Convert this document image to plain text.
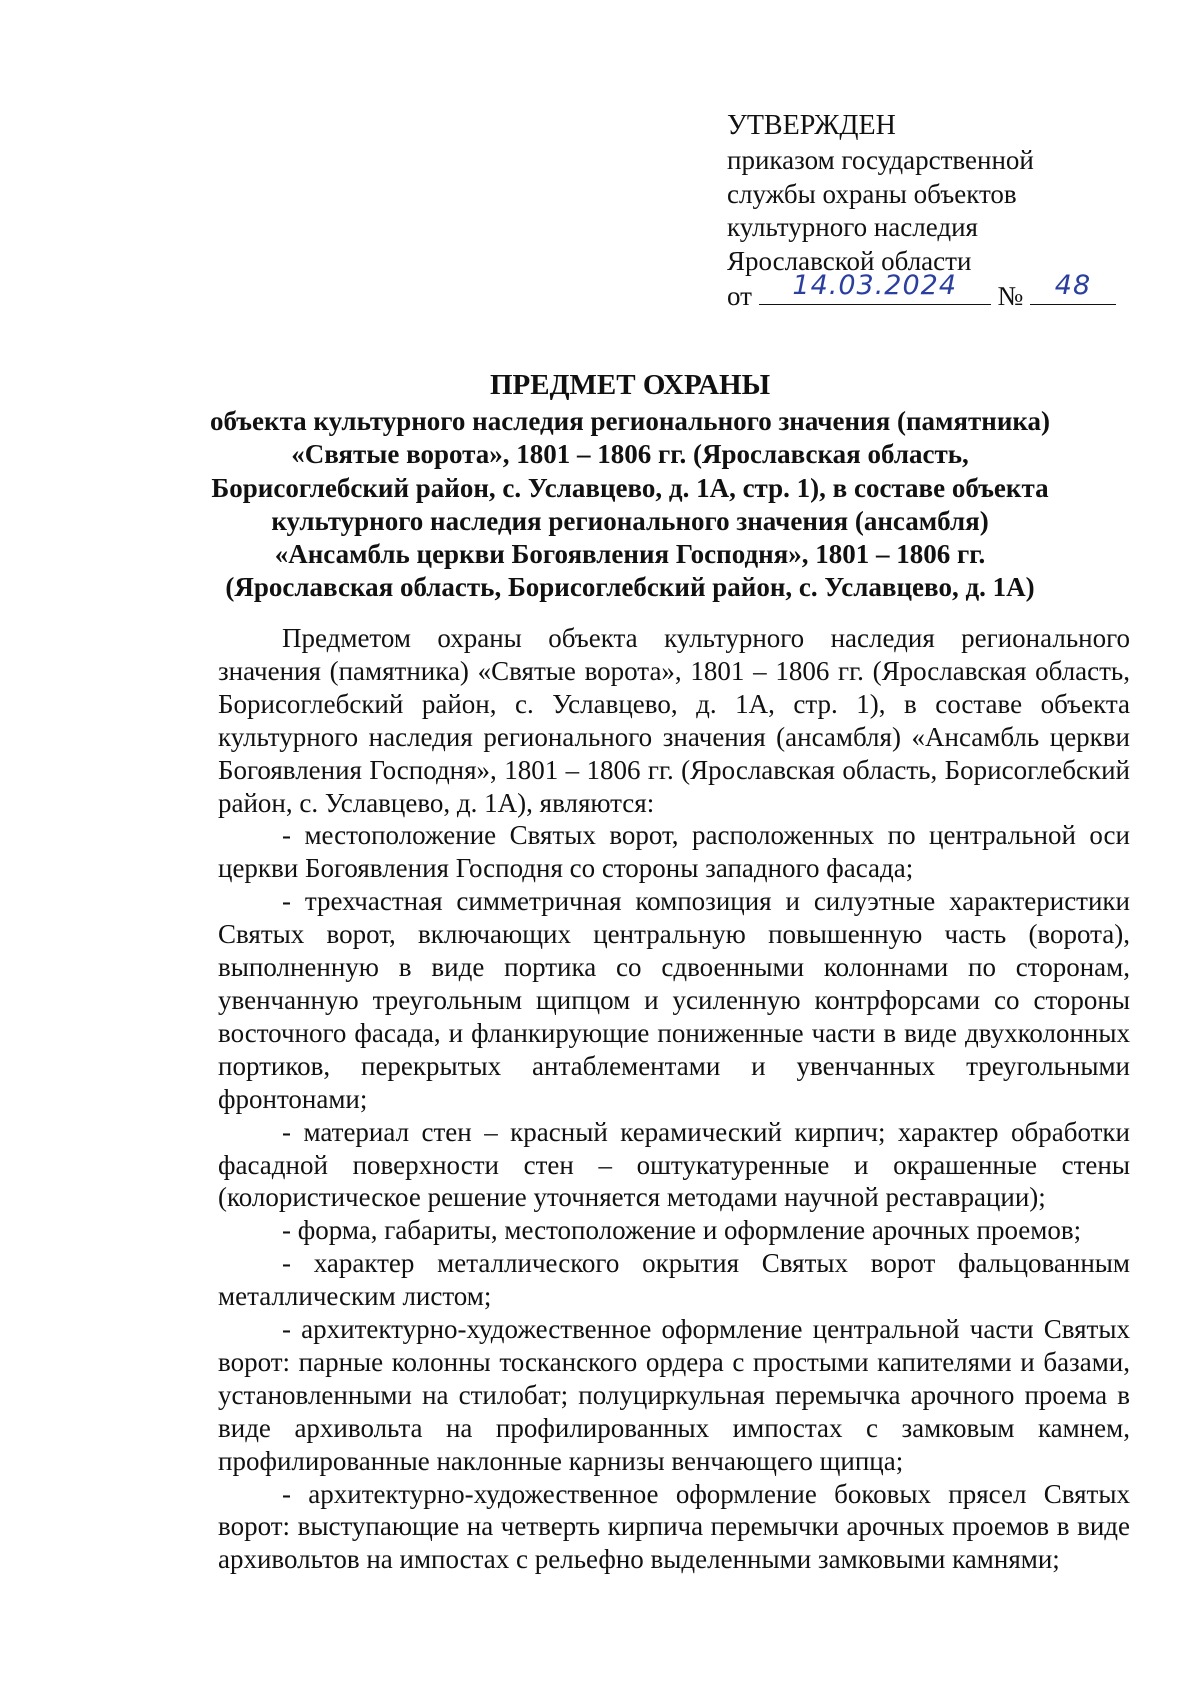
УТВЕРЖДЕН
приказом государственной
службы охраны объектов
культурного наследия
Ярославской области
от	14.03.2024	№	48
ПРЕДМЕТ ОХРАНЫ
объекта культурного наследия регионального значения (памятника) «Святые ворота», 1801 – 1806 гг. (Ярославская область, Борисоглебский район, с. Уславцево, д. 1А, стр. 1), в составе объекта культурного наследия регионального значения (ансамбля) «Ансамбль церкви Богоявления Господня», 1801 – 1806 гг. (Ярославская область, Борисоглебский район, с. Уславцево, д. 1А)

Предметом охраны объекта культурного наследия регионального значения (памятника) «Святые ворота», 1801 – 1806 гг. (Ярославская область, Борисоглебский район, с. Уславцево, д. 1А, стр. 1), в составе объекта культурного наследия регионального значения (ансамбля) «Ансамбль церкви Богоявления Господня», 1801 – 1806 гг. (Ярославская область, Борисоглебский район, с. Уславцево, д. 1А), являются:

- местоположение Святых ворот, расположенных по центральной оси церкви Богоявления Господня со стороны западного фасада;

- трехчастная симметричная композиция и силуэтные характеристики Святых ворот, включающих центральную повышенную часть (ворота), выполненную в виде портика со сдвоенными колоннами по сторонам, увенчанную треугольным щипцом и усиленную контрфорсами со стороны восточного фасада, и фланкирующие пониженные части в виде двухколонных портиков, перекрытых антаблементами и увенчанных треугольными фронтонами;

- материал стен – красный керамический кирпич; характер обработки фасадной поверхности стен – оштукатуренные и окрашенные стены (колористическое решение уточняется методами научной реставрации);

- форма, габариты, местоположение и оформление арочных проемов;

- характер металлического окрытия Святых ворот фальцованным металлическим листом;

- архитектурно-художественное оформление центральной части Святых ворот: парные колонны тосканского ордера с простыми капителями и базами, установленными на стилобат; полуциркульная перемычка арочного проема в виде архивольта на профилированных импостах с замковым камнем, профилированные наклонные карнизы венчающего щипца;

- архитектурно-художественное оформление боковых прясел Святых ворот: выступающие на четверть кирпича перемычки арочных проемов в виде архивольтов на импостах с рельефно выделенными замковыми камнями;
